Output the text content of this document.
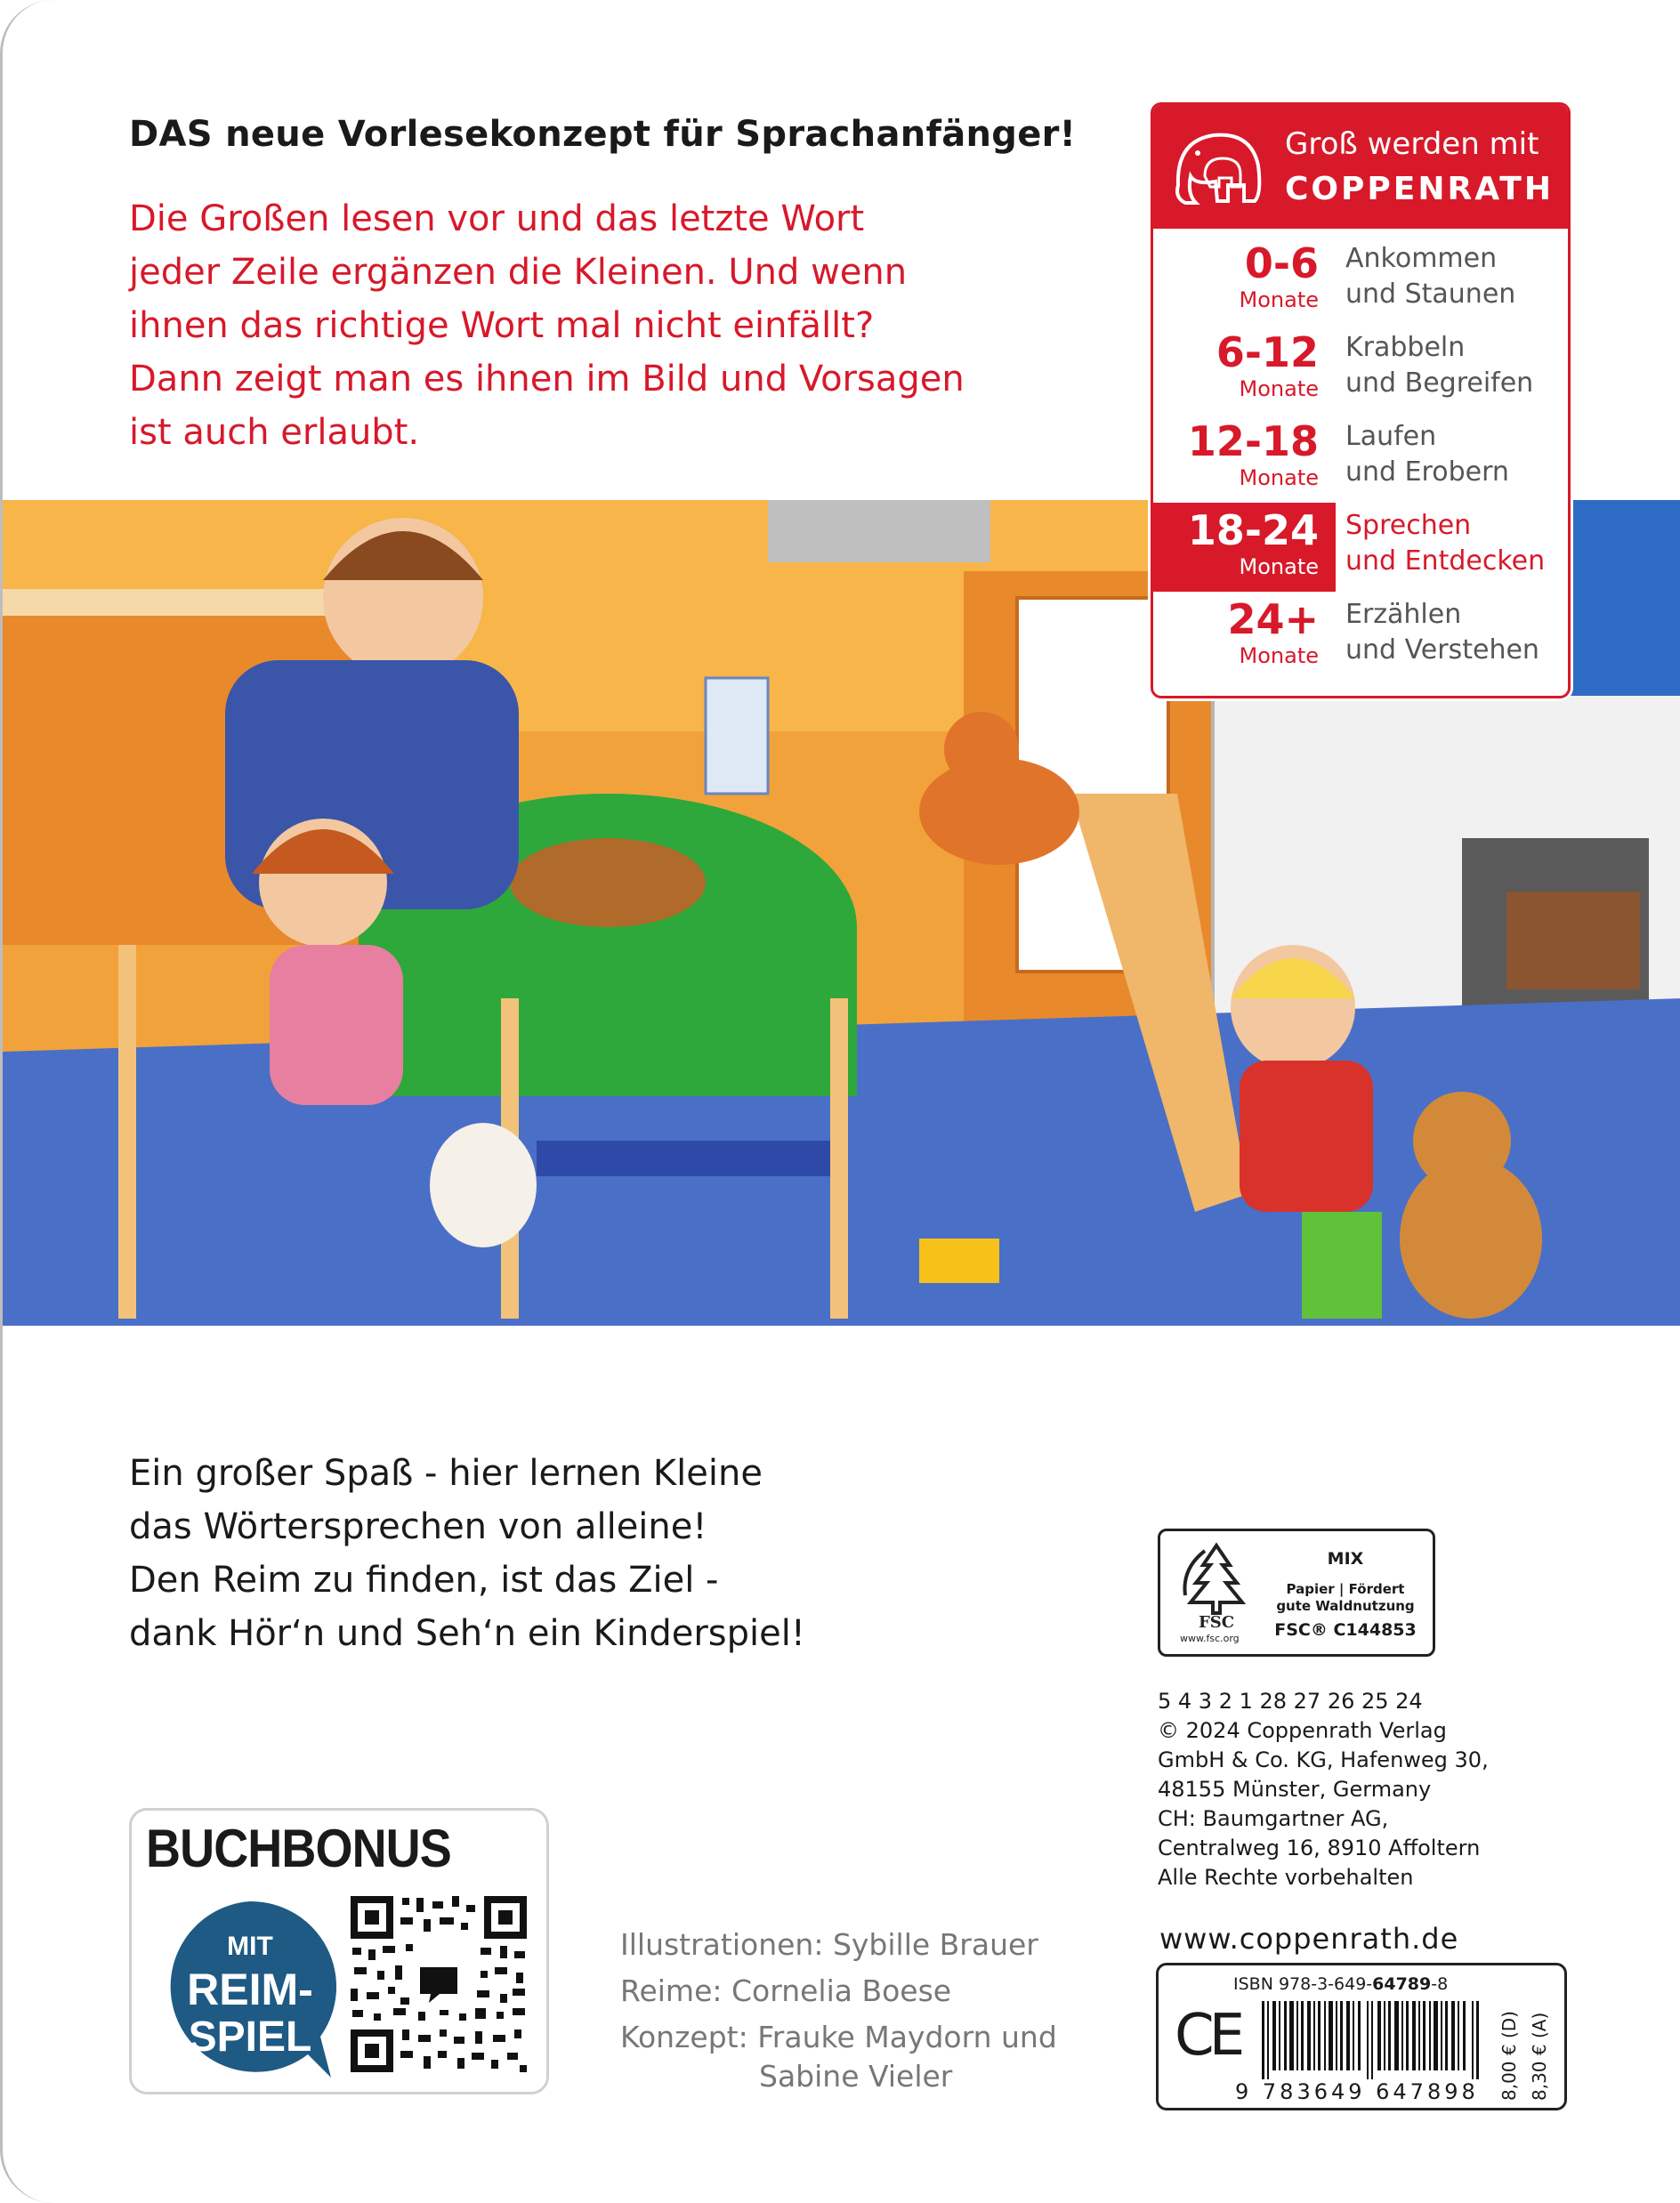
DAS neue Vorlesekonzept für Sprachanfänger!

Die Großen lesen vor und das letzte Wort

jeder Zeile ergänzen die Kleinen. Und wenn

ihnen das richtige Wort mal nicht einfällt?

Dann zeigt man es ihnen im Bild und Vorsagen

ist auch erlaubt.

Groß werden mit
COPPENRATH
0-6
Monate
Ankommen
und Staunen
6-12
Monate
Krabbeln
und Begreifen
12-18
Monate
Laufen
und Erobern
18-24
Monate
Sprechen
und Entdecken
24+
Monate
Erzählen
und Verstehen

Ein großer Spaß - hier lernen Kleine

das Wörtersprechen von alleine!

Den Reim zu finden, ist das Ziel -

dank Hör‘n und Seh‘n ein Kinderspiel!	FSC
www.fsc.org
MIX
Papier | Fördert
gute Waldnutzung
FSC® C144853

5 4 3 2 1 28 27 26 25 24

© 2024 Coppenrath Verlag

GmbH & Co. KG, Hafenweg 30,

48155 Münster, Germany

CH: Baumgartner AG,

Centralweg 16, 8910 Affoltern

Alle Rechte vorbehalten

www.coppenrath.de
CE
ISBN 978-3-649-64789-8
9 783649 647898 8,00 € (D) 8,30 € (A)

Illustrationen: Sybille Brauer

Reime: Cornelia Boese

Konzept: Frauke Maydorn und

Sabine Vieler

BUCHBONUS
MIT
REIM-
SPIEL
